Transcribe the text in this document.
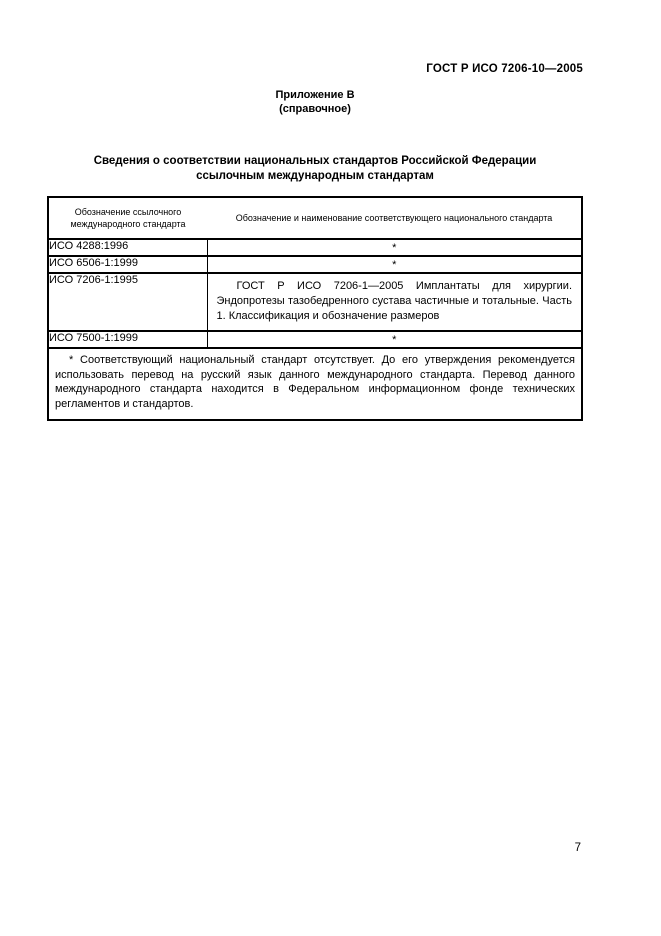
ГОСТ Р ИСО 7206-10—2005
Приложение В
(справочное)
Сведения о соответствии национальных стандартов Российской Федерации
ссылочным международным стандартам
Обозначение ссылочного международного стандарта	Обозначение и наименование соответствующего национального стандарта
ИСО 4288:1996	*
ИСО 6506-1:1999	*
ИСО 7206-1:1995	ГОСТ Р ИСО 7206-1—2005 Имплантаты для хирургии. Эндопротезы тазобедренного сустава частичные и тотальные. Часть 1. Классификация и обозначение размеров
ИСО 7500-1:1999	*
* Соответствующий национальный стандарт отсутствует. До его утверждения рекомендуется использовать перевод на русский язык данного международного стандарта. Перевод данного международного стандарта находится в Федеральном информационном фонде технических регламентов и стандартов.	
7
